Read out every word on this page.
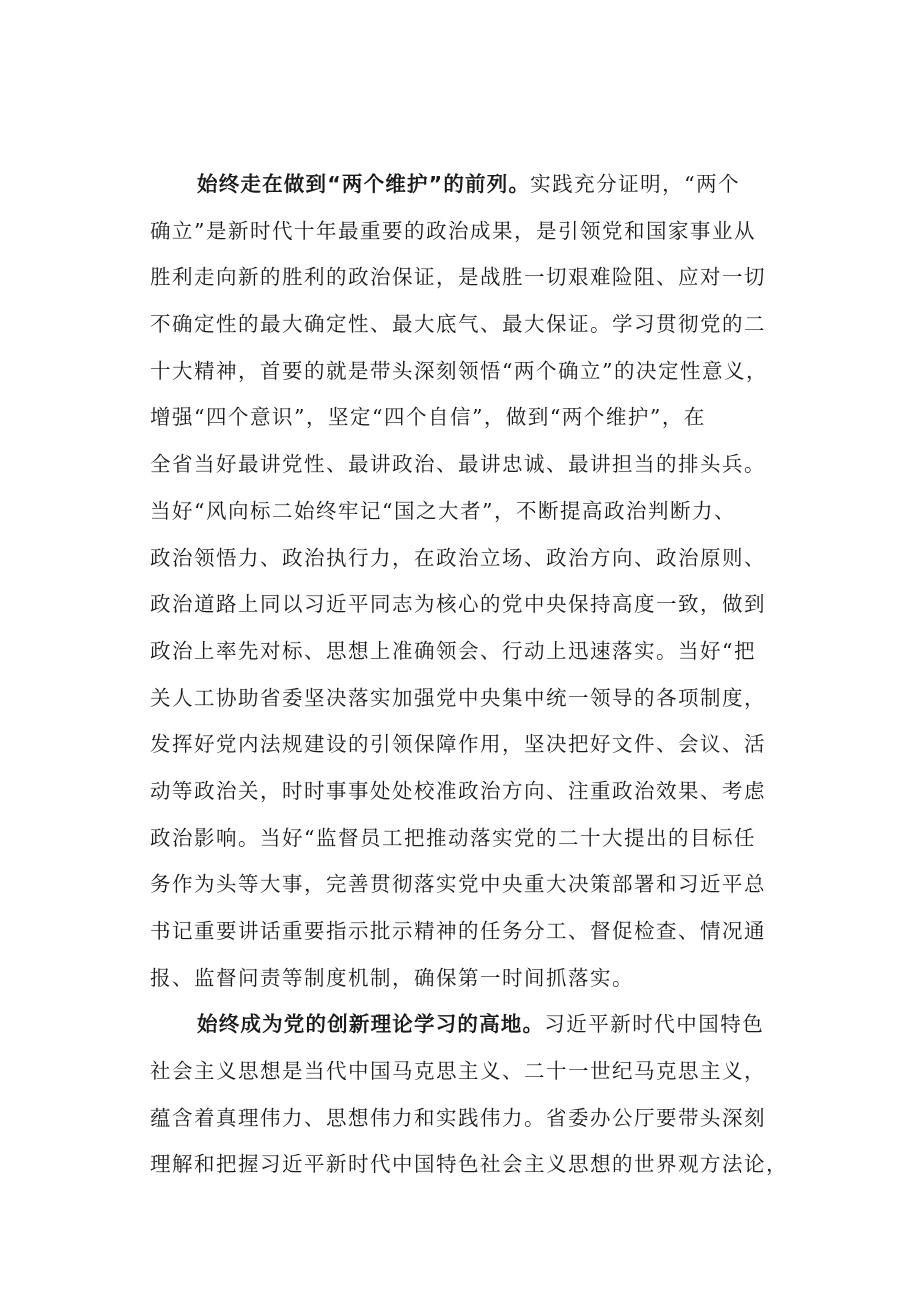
始终走在做到“两个维护”的前列。实践充分证明，“两个
确立”是新时代十年最重要的政治成果，是引领党和国家事业从
胜利走向新的胜利的政治保证，是战胜一切艰难险阻、应对一切
不确定性的最大确定性、最大底气、最大保证。学习贯彻党的二
十大精神，首要的就是带头深刻领悟“两个确立”的决定性意义，
增强“四个意识”，坚定“四个自信”，做到“两个维护”，在
全省当好最讲党性、最讲政治、最讲忠诚、最讲担当的排头兵。
当好“风向标二始终牢记“国之大者”，不断提高政治判断力、
政治领悟力、政治执行力，在政治立场、政治方向、政治原则、
政治道路上同以习近平同志为核心的党中央保持高度一致，做到
政治上率先对标、思想上准确领会、行动上迅速落实。当好“把
关人工协助省委坚决落实加强党中央集中统一领导的各项制度，
发挥好党内法规建设的引领保障作用，坚决把好文件、会议、活
动等政治关，时时事事处处校准政治方向、注重政治效果、考虑
政治影响。当好“监督员工把推动落实党的二十大提出的目标任
务作为头等大事，完善贯彻落实党中央重大决策部署和习近平总
书记重要讲话重要指示批示精神的任务分工、督促检查、情况通
报、监督问责等制度机制，确保第一时间抓落实。
始终成为党的创新理论学习的高地。习近平新时代中国特色
社会主义思想是当代中国马克思主义、二十一世纪马克思主义，
蕴含着真理伟力、思想伟力和实践伟力。省委办公厅要带头深刻
理解和把握习近平新时代中国特色社会主义思想的世界观方法论，
